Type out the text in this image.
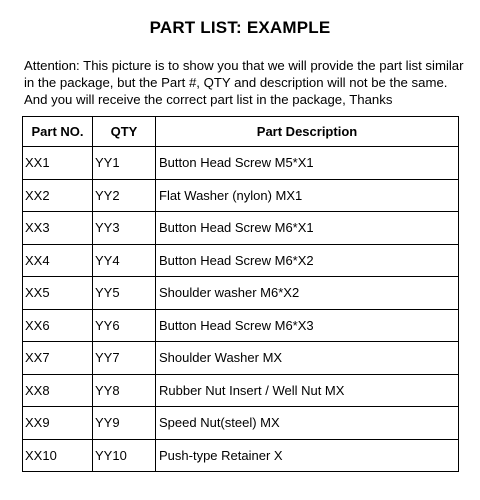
PART LIST: EXAMPLE

Attention: This picture is to show you that we will provide the part list similar
in the package, but the Part #, QTY and description will not be the same.
And you will receive the correct part list in the package, Thanks

Part NO.	QTY	Part Description
XX1	YY1	Button Head Screw M5*X1
XX2	YY2	Flat Washer (nylon) MX1
XX3	YY3	Button Head Screw M6*X1
XX4	YY4	Button Head Screw M6*X2
XX5	YY5	Shoulder washer M6*X2
XX6	YY6	Button Head Screw M6*X3
XX7	YY7	Shoulder Washer MX
XX8	YY8	Rubber Nut Insert / Well Nut MX
XX9	YY9	Speed Nut(steel) MX
XX10	YY10	Push-type Retainer X
